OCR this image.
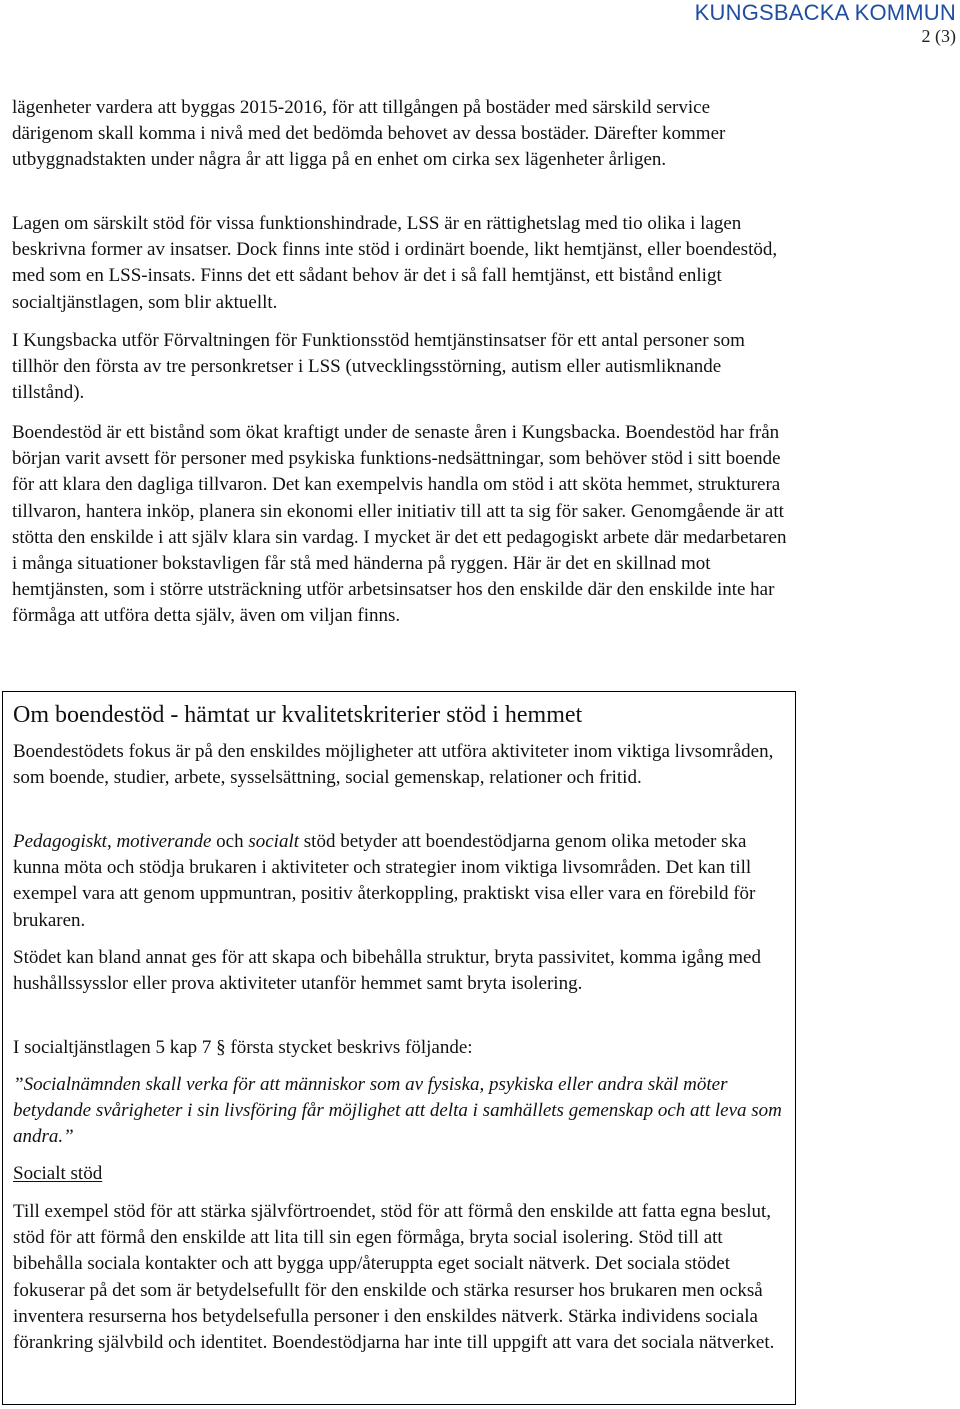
KUNGSBACKA KOMMUN
2 (3)

lägenheter vardera att byggas 2015-2016, för att tillgången på bostäder med särskild service därigenom skall komma i nivå med det bedömda behovet av dessa bostäder. Därefter kommer utbyggnadstakten under några år att ligga på en enhet om cirka sex lägenheter årligen.

Lagen om särskilt stöd för vissa funktionshindrade, LSS är en rättighetslag med tio olika i lagen beskrivna former av insatser. Dock finns inte stöd i ordinärt boende, likt hemtjänst, eller boendestöd, med som en LSS-insats. Finns det ett sådant behov är det i så fall hemtjänst, ett bistånd enligt socialtjänstlagen, som blir aktuellt.

I Kungsbacka utför Förvaltningen för Funktionsstöd hemtjänstinsatser för ett antal personer som tillhör den första av tre personkretser i LSS (utvecklingsstörning, autism eller autismliknande tillstånd).

Boendestöd är ett bistånd som ökat kraftigt under de senaste åren i Kungsbacka. Boendestöd har från början varit avsett för personer med psykiska funktions-nedsättningar, som behöver stöd i sitt boende för att klara den dagliga tillvaron. Det kan exempelvis handla om stöd i att sköta hemmet, strukturera tillvaron, hantera inköp, planera sin ekonomi eller initiativ till att ta sig för saker. Genomgående är att stötta den enskilde i att själv klara sin vardag. I mycket är det ett pedagogiskt arbete där medarbetaren i många situationer bokstavligen får stå med händerna på ryggen. Här är det en skillnad mot hemtjänsten, som i större utsträckning utför arbetsinsatser hos den enskilde där den enskilde inte har förmåga att utföra detta själv, även om viljan finns.

Om boendestöd - hämtat ur kvalitetskriterier stöd i hemmet

Boendestödets fokus är på den enskildes möjligheter att utföra aktiviteter inom viktiga livsområden, som boende, studier, arbete, sysselsättning, social gemenskap, relationer och fritid.

Pedagogiskt, motiverande och socialt stöd betyder att boendestödjarna genom olika metoder ska kunna möta och stödja brukaren i aktiviteter och strategier inom viktiga livsområden. Det kan till exempel vara att genom uppmuntran, positiv återkoppling, praktiskt visa eller vara en förebild för brukaren.

Stödet kan bland annat ges för att skapa och bibehålla struktur, bryta passivitet, komma igång med hushållssysslor eller prova aktiviteter utanför hemmet samt bryta isolering.

I socialtjänstlagen 5 kap 7 § första stycket beskrivs följande:

”Socialnämnden skall verka för att människor som av fysiska, psykiska eller andra skäl möter betydande svårigheter i sin livsföring får möjlighet att delta i samhällets gemenskap och att leva som andra.”

Socialt stöd

Till exempel stöd för att stärka självförtroendet, stöd för att förmå den enskilde att fatta egna beslut, stöd för att förmå den enskilde att lita till sin egen förmåga, bryta social isolering. Stöd till att bibehålla sociala kontakter och att bygga upp/återuppta eget socialt nätverk. Det sociala stödet fokuserar på det som är betydelsefullt för den enskilde och stärka resurser hos brukaren men också inventera resurserna hos betydelsefulla personer i den enskildes nätverk. Stärka individens sociala förankring självbild och identitet. Boendestödjarna har inte till uppgift att vara det sociala nätverket.
